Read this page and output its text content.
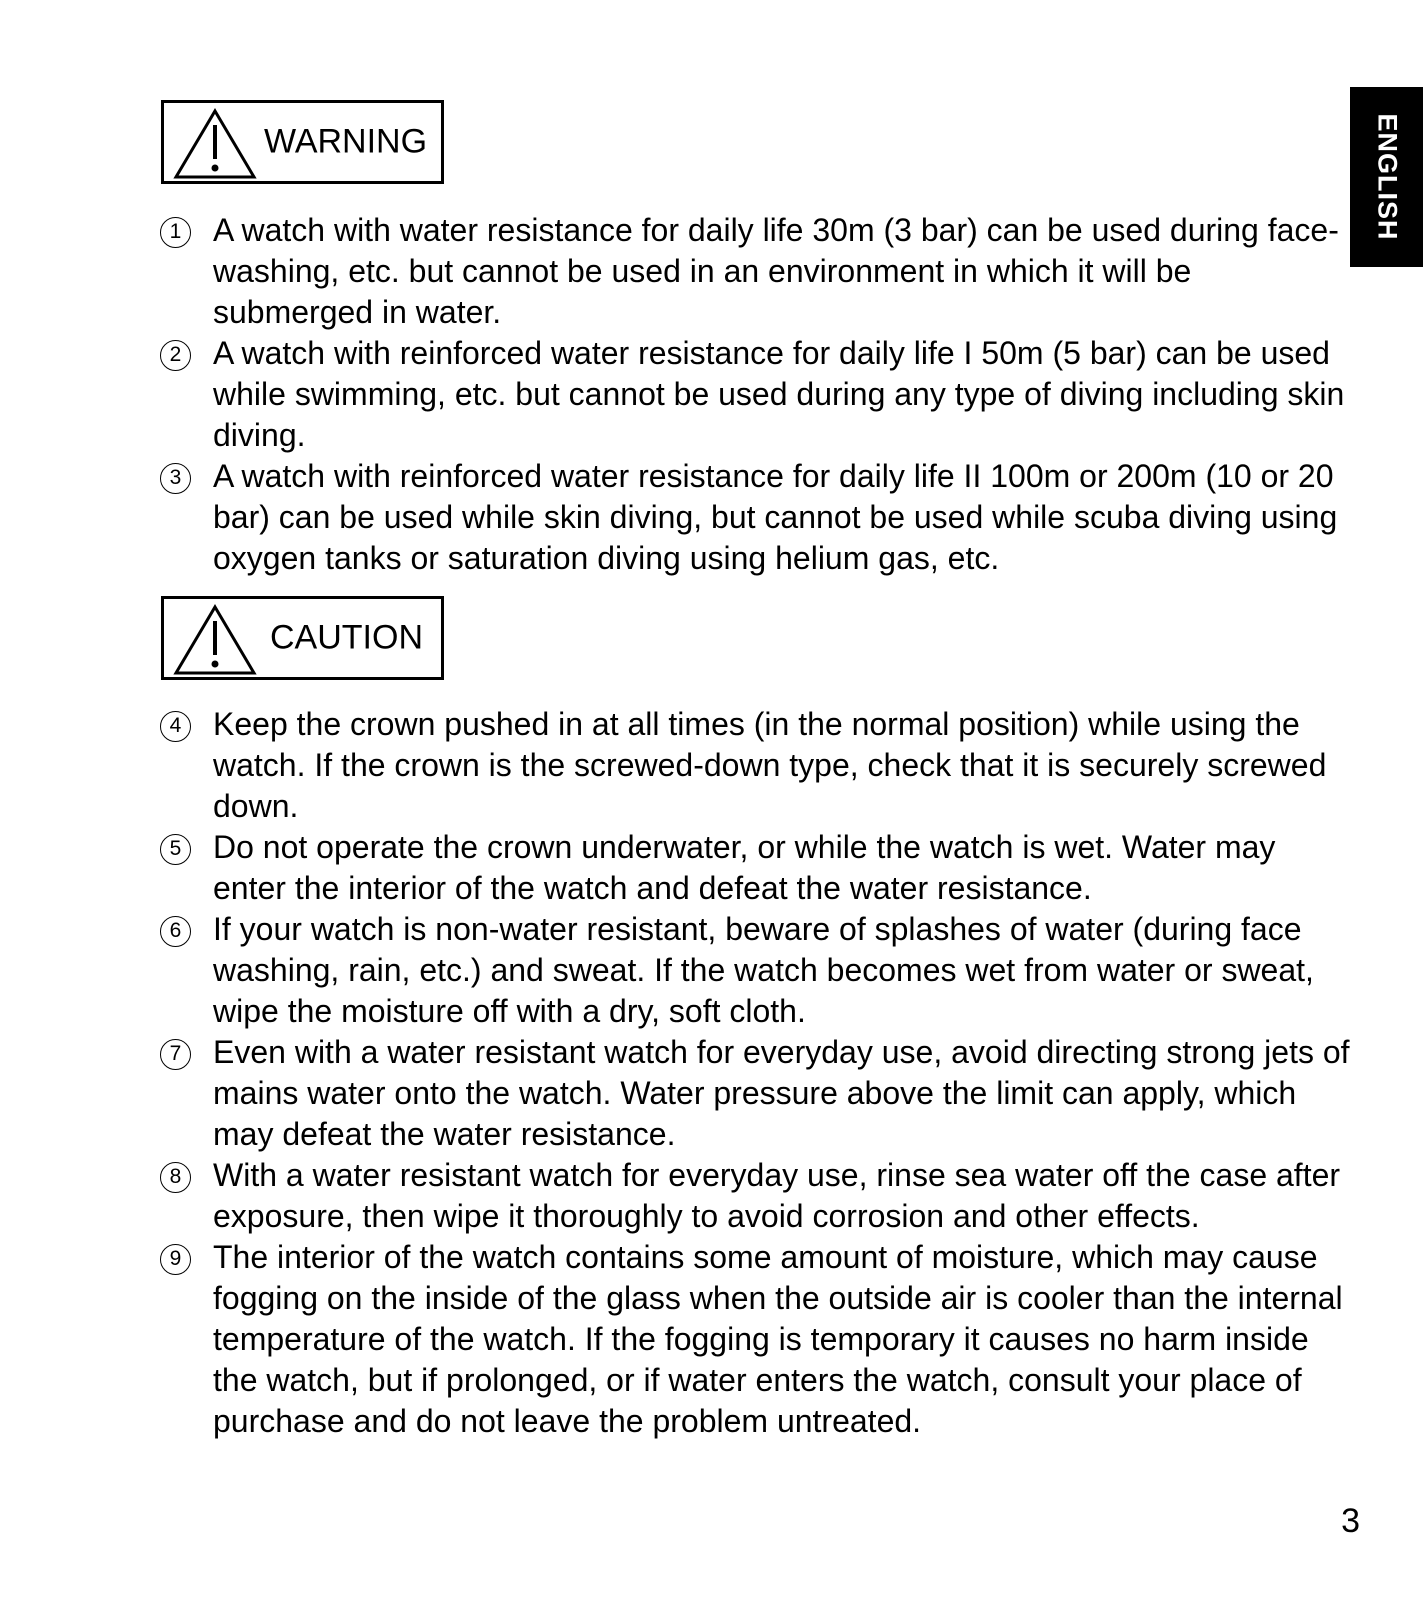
ENGLISH
WARNING
1 A watch with water resistance for daily life 30m (3 bar) can be used during face-washing, etc. but cannot be used in an environment in which it will be submerged in water.
2 A watch with reinforced water resistance for daily life I 50m (5 bar) can be used while swimming, etc. but cannot be used during any type of diving including skin diving.
3 A watch with reinforced water resistance for daily life II 100m or 200m (10 or 20 bar) can be used while skin diving, but cannot be used while scuba diving using oxygen tanks or saturation diving using helium gas, etc.
CAUTION
4 Keep the crown pushed in at all times (in the normal position) while using the watch. If the crown is the screwed-down type, check that it is securely screwed down.
5 Do not operate the crown underwater, or while the watch is wet. Water may enter the interior of the watch and defeat the water resistance.
6 If your watch is non-water resistant, beware of splashes of water (during face washing, rain, etc.) and sweat. If the watch becomes wet from water or sweat, wipe the moisture off with a dry, soft cloth.
7 Even with a water resistant watch for everyday use, avoid directing strong jets of mains water onto the watch. Water pressure above the limit can apply, which may defeat the water resistance.
8 With a water resistant watch for everyday use, rinse sea water off the case after exposure, then wipe it thoroughly to avoid corrosion and other effects.
9 The interior of the watch contains some amount of moisture, which may cause fogging on the inside of the glass when the outside air is cooler than the internal temperature of the watch. If the fogging is temporary it causes no harm inside the watch, but if prolonged, or if water enters the watch, consult your place of purchase and do not leave the problem untreated.
3
